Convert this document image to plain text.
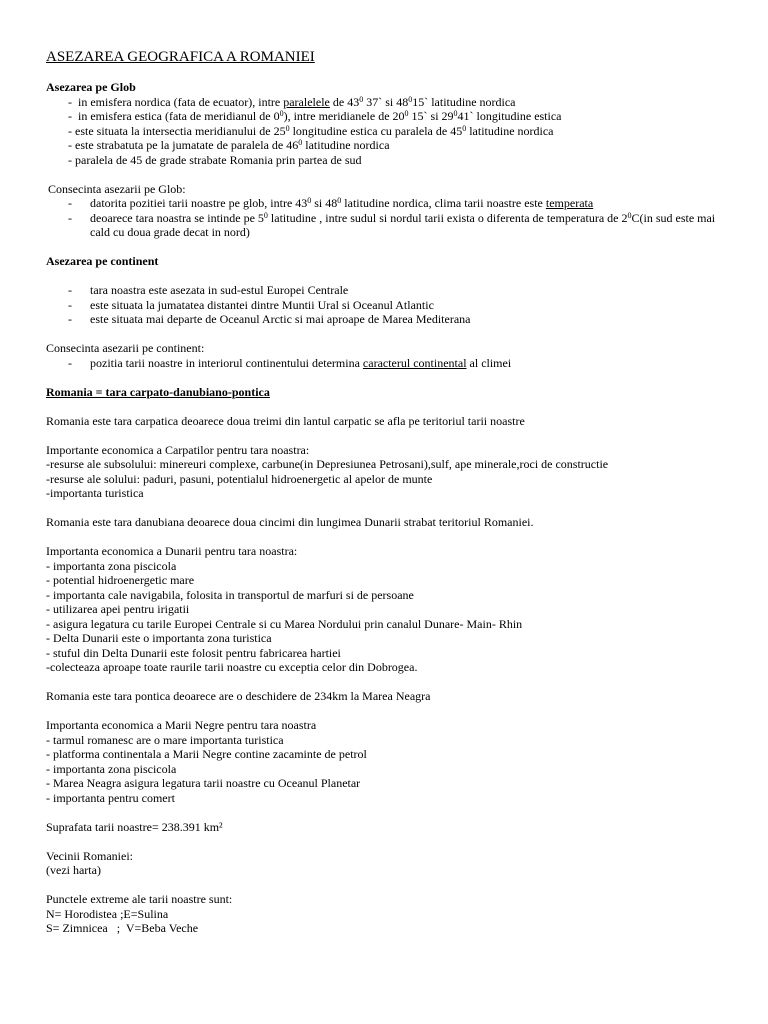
ASEZAREA GEOGRAFICA A ROMANIEI

Asezarea pe Glob

-  in emisfera nordica (fata de ecuator), intre paralelele de $43^0$ 37` si $48^015`$ latitudine nordica
-  in emisfera estica (fata de meridianul de $0^0$), intre meridianele de $20^0$ 15` si $29^041`$ longitudine estica
- este situata la intersectia meridianului de $25^0$ longitudine estica cu paralela de $45^0$ latitudine nordica
- este strabatuta pe la jumatate de paralela de $46^0$ latitudine nordica
- paralela de 45 de grade strabate Romania prin partea de sud

Consecinta asezarii pe Glob:

- datorita pozitiei tarii noastre pe glob, intre $43^0$ si $48^0$ latitudine nordica, clima tarii noastre este temperata
- deoarece tara noastra se intinde pe $5^0$ latitudine , intre sudul si nordul tarii exista o diferenta de temperatura de $2^0C(in$ sud este mai cald cu doua grade decat in nord)

Asezarea pe continent

- tara noastra este asezata in sud-estul Europei Centrale
- este situata la jumatatea distantei dintre Muntii Ural si Oceanul Atlantic
- este situata mai departe de Oceanul Arctic si mai aproape de Marea Mediterana

Consecinta asezarii pe continent:

- pozitia tarii noastre in interiorul continentului determina caracterul continental al climei

Romania = tara carpato-danubiano-pontica

Romania este tara carpatica deoarece doua treimi din lantul carpatic se afla pe teritoriul tarii noastre

Importante economica a Carpatilor pentru tara noastra:
-resurse ale subsolului: minereuri complexe, carbune(in Depresiunea Petrosani),sulf, ape minerale,roci de constructie
-resurse ale solului: paduri, pasuni, potentialul hidroenergetic al apelor de munte
-importanta turistica

Romania este tara danubiana deoarece doua cincimi din lungimea Dunarii strabat teritoriul Romaniei.

Importanta economica a Dunarii pentru tara noastra:
- importanta zona piscicola
- potential hidroenergetic mare
- importanta cale navigabila, folosita in transportul de marfuri si de persoane
- utilizarea apei pentru irigatii
- asigura legatura cu tarile Europei Centrale si cu Marea Nordului prin canalul Dunare- Main- Rhin
- Delta Dunarii este o importanta zona turistica
- stuful din Delta Dunarii este folosit pentru fabricarea hartiei
-colecteaza aproape toate raurile tarii noastre cu exceptia celor din Dobrogea.

Romania este tara pontica deoarece are o deschidere de 234km la Marea Neagra

Importanta economica a Marii Negre pentru tara noastra
- tarmul romanesc are o mare importanta turistica
- platforma continentala a Marii Negre contine zacaminte de petrol
- importanta zona piscicola
- Marea Neagra asigura legatura tarii noastre cu Oceanul Planetar
- importanta pentru comert

Suprafata tarii noastre= 238.391 km²

Vecinii Romaniei:
(vezi harta)
Punctele extreme ale tarii noastre sunt:
N= Horodistea ;E=Sulina
S= Zimnicea   ;  V=Beba Veche
